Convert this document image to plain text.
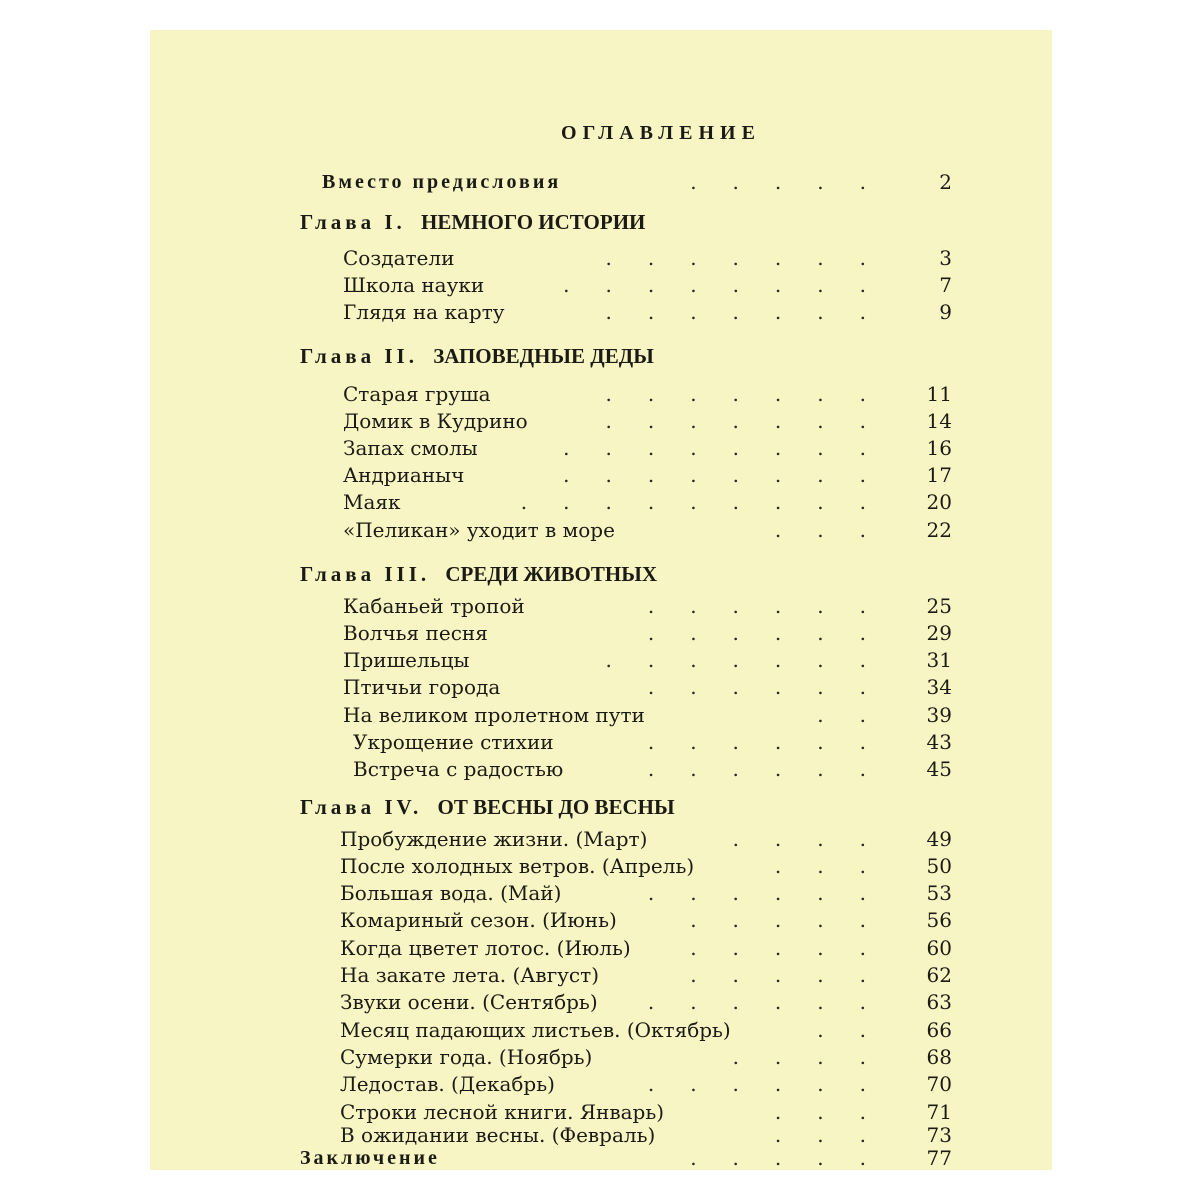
ОГЛАВЛЕНИЕ
Вместо предисловия	..... 2
Глава I. НЕМНОГО ИСТОРИИ
Создатели	....... 3
Школа науки	........ 7
Глядя на карту	....... 9
Глава II. ЗАПОВЕДНЫЕ ДЕДЫ
Старая груша	....... 11
Домик в Кудрино	....... 14
Запах смолы	........ 16
Андрианыч	........ 17
Маяк	......... 20
«Пеликан» уходит в море	... 22
Глава III. СРЕДИ ЖИВОТНЫХ
Кабаньей тропой	...... 25
Волчья песня	...... 29
Пришельцы	....... 31
Птичьи города	...... 34
На великом пролетном пути	.. 39
Укрощение стихии	...... 43
Встреча с радостью	...... 45
Глава IV. ОТ ВЕСНЫ ДО ВЕСНЫ
Пробуждение жизни. (Март)	.... 49
После холодных ветров. (Апрель)	... 50
Большая вода. (Май)	...... 53
Комариный сезон. (Июнь)	..... 56
Когда цветет лотос. (Июль)	..... 60
На закате лета. (Август)	..... 62
Звуки осени. (Сентябрь)	...... 63
Месяц падающих листьев. (Октябрь)	.. 66
Сумерки года. (Ноябрь)	.... 68
Ледостав. (Декабрь)	...... 70
Строки лесной книги. Январь)	... 71
В ожидании весны. (Февраль)	... 73
Заключение	..... 77
